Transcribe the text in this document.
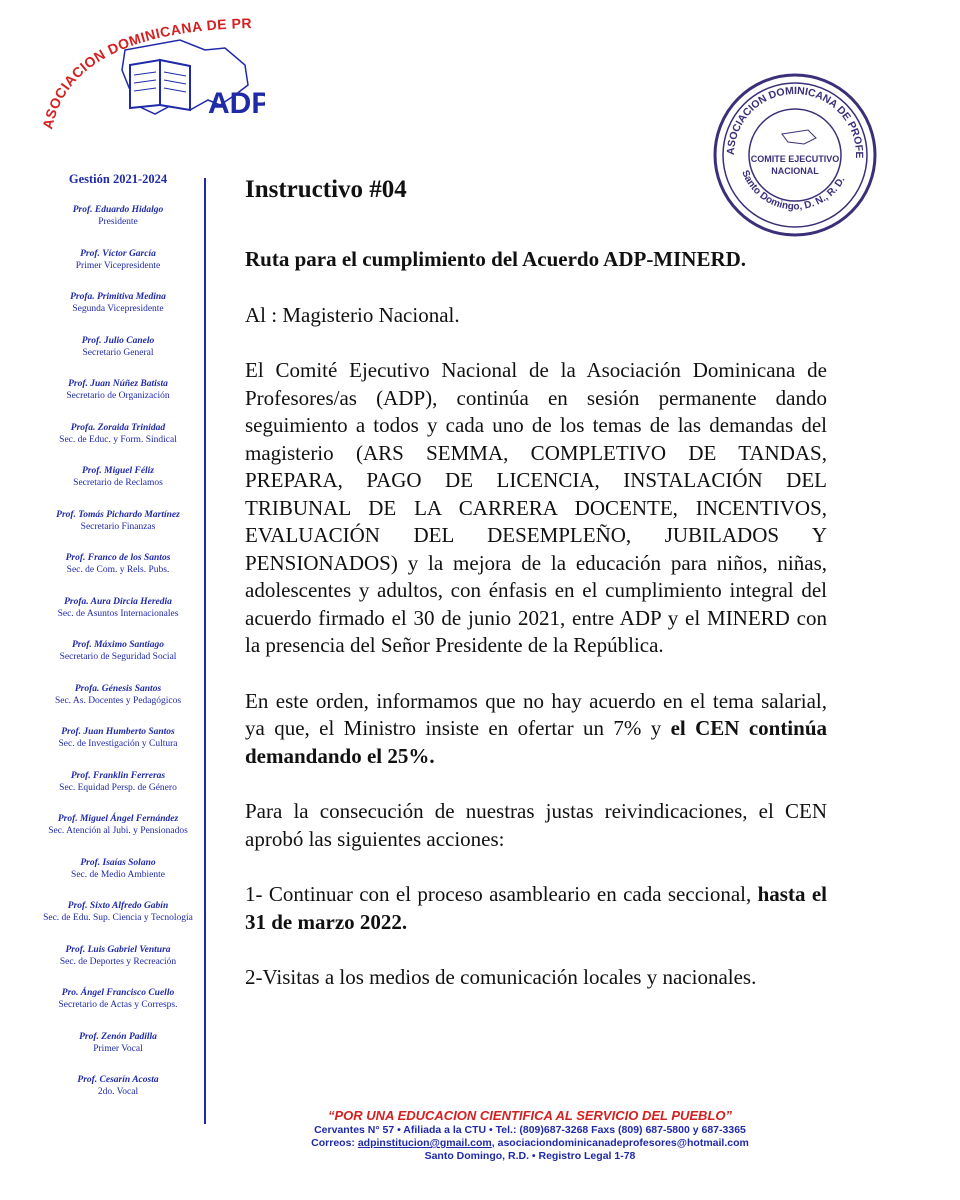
ASOCIACION DOMINICANA DE PR
ADP
ASOCIACION DOMINICANA DE PROFE
Santo Domingo, D. N., R. D.
COMITE EJECUTIVO
NACIONAL
Gestión 2021-2024
Prof. Eduardo Hidalgo
Presidente
Prof. Víctor García
Primer Vicepresidente
Profa. Primitiva Medina
Segunda Vicepresidente
Prof. Julio Canelo
Secretario General
Prof. Juan Núñez Batista
Secretario de Organización
Profa. Zoraida Trinidad
Sec. de Educ. y Form. Sindical
Prof. Miguel Féliz
Secretario de Reclamos
Prof. Tomás Pichardo Martínez
Secretario Finanzas
Prof. Franco de los Santos
Sec. de Com. y Rels. Pubs.
Profa. Aura Dircia Heredia
Sec. de Asuntos Internacionales
Prof. Máximo Santiago
Secretario de Seguridad Social
Profa. Génesis Santos
Sec. As. Docentes y Pedagógicos
Prof. Juan Humberto Santos
Sec. de Investigación y Cultura
Prof. Franklin Ferreras
Sec. Equidad Persp. de Género
Prof. Miguel Ángel Fernández
Sec. Atención al Jubi. y Pensionados
Prof. Isaías Solano
Sec. de Medio Ambiente
Prof. Sixto Alfredo Gabín
Sec. de Edu. Sup. Ciencia y Tecnología
Prof. Luis Gabriel Ventura
Sec. de Deportes y Recreación
Pro. Ángel Francisco Cuello
Secretario de Actas y Corresps.
Prof. Zenón Padilla
Primer Vocal
Prof. Cesarín Acosta
2do. Vocal

Instructivo #04

Ruta para el cumplimiento del Acuerdo ADP-MINERD.

Al : Magisterio Nacional.

El Comité Ejecutivo Nacional de la Asociación Dominicana de Profesores/as (ADP), continúa en sesión permanente dando seguimiento a todos y cada uno de los temas de las demandas del magisterio (ARS SEMMA, COMPLETIVO DE TANDAS, PREPARA, PAGO DE LICENCIA, INSTALACIÓN DEL TRIBUNAL DE LA CARRERA DOCENTE, INCENTIVOS, EVALUACIÓN DEL DESEMPLEÑO, JUBILADOS Y PENSIONADOS) y la mejora de la educación para niños, niñas, adolescentes y adultos, con énfasis en el cumplimiento integral del acuerdo firmado el 30 de junio 2021, entre ADP y el MINERD con la presencia del Señor Presidente de la República.

En este orden, informamos que no hay acuerdo en el tema salarial, ya que, el Ministro insiste en ofertar un 7% y el CEN continúa demandando el 25%.

Para la consecución de nuestras justas reivindicaciones, el CEN aprobó las siguientes acciones:

1- Continuar con el proceso asambleario en cada seccional, hasta el 31 de marzo 2022.

2-Visitas a los medios de comunicación locales y nacionales.

“POR UNA EDUCACION CIENTIFICA AL SERVICIO DEL PUEBLO”
Cervantes N° 57 • Afiliada a la CTU • Tel.: (809)687-3268 Faxs (809) 687-5800 y 687-3365
Correos: adpinstitucion@gmail.com, asociaciondominicanadeprofesores@hotmail.com
Santo Domingo, R.D. • Registro Legal 1-78
